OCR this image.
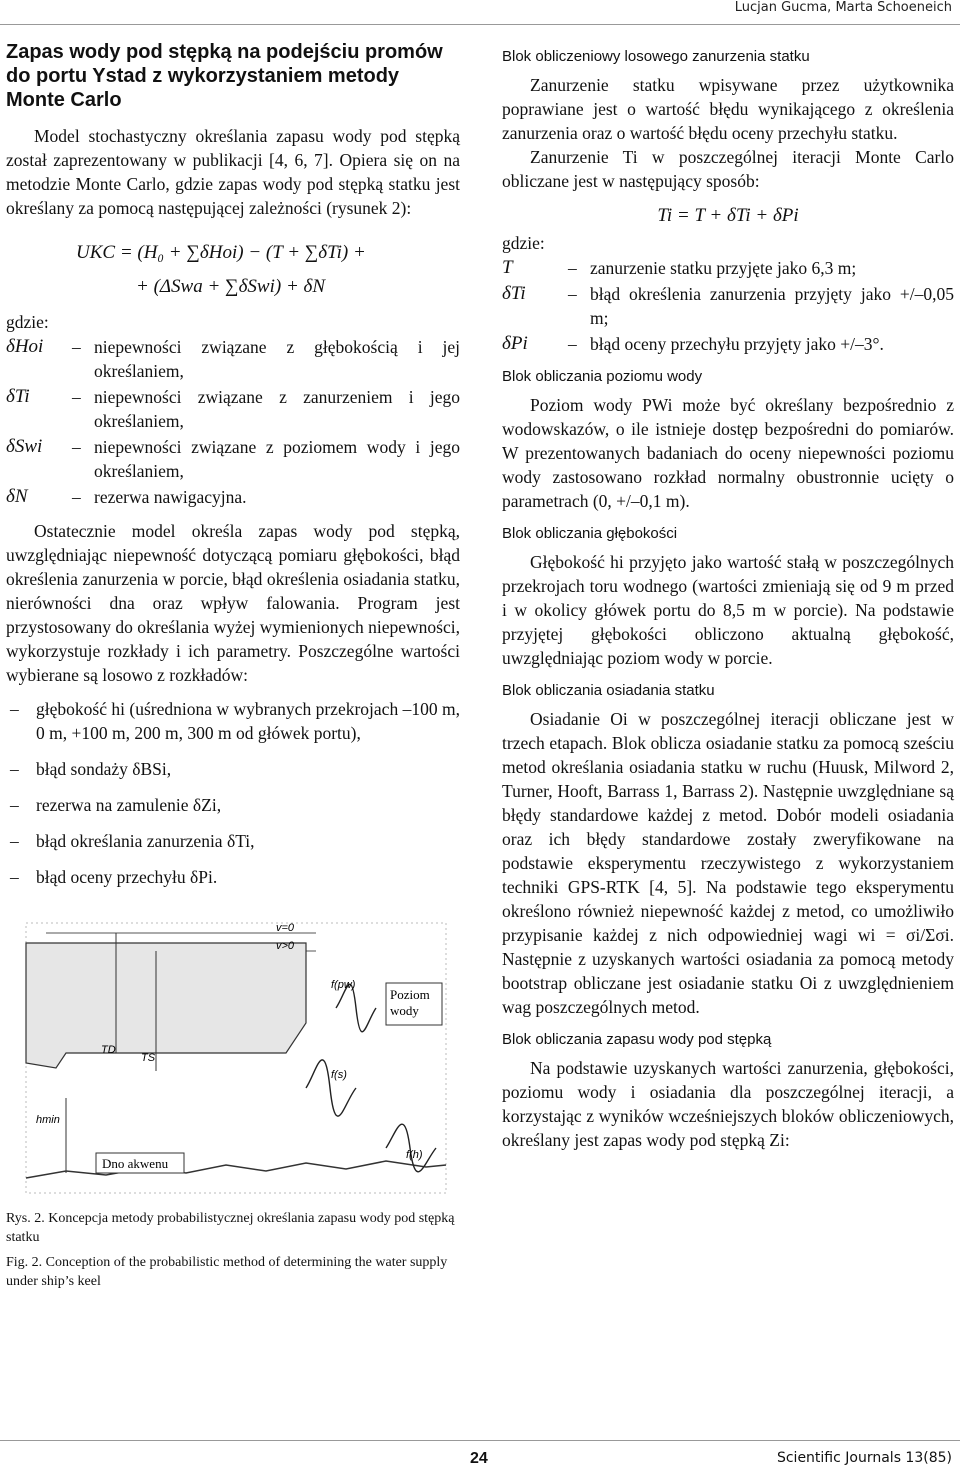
Lucjan Gucma, Marta Schoeneich
Zapas wody pod stępką na podejściu promów do portu Ystad z wykorzystaniem metody Monte Carlo

Model stochastyczny określania zapasu wody pod stępką został zaprezentowany w publikacji [4, 6, 7]. Opiera się on na metodzie Monte Carlo, gdzie zapas wody pod stępką statku jest określany za pomocą następującej zależności (rysunek 2):

UKC = (H₀ + ∑δHoi) − (T + ∑δTi) +
+ (ΔSwa + ∑δSwi) + δN
gdzie:
δHoi	– niepewności związane z głębokością i jej określaniem,
δTi	– niepewności związane z zanurzeniem i jego określaniem,
δSwi	– niepewności związane z poziomem wody i jego określaniem,
δN	– rezerwa nawigacyjna.

Ostatecznie model określa zapas wody pod stępką, uwzględniając niepewność dotyczącą pomiaru głębokości, błąd określenia zanurzenia w porcie, błąd określenia osiadania statku, nierówności dna oraz wpływ falowania. Program jest przystosowany do określania wyżej wymienionych niepewności, wykorzystuje rozkłady i ich parametry. Poszczególne wartości wybierane są losowo z rozkładów:

– głębokość hi (uśredniona w wybranych przekrojach –100 m, 0 m, +100 m, 200 m, 300 m od główek portu),
– błąd sondaży δBSi,
– rezerwa na zamulenie δZi,
– błąd określania zanurzenia δTi,
– błąd oceny przechyłu δPi.
v=0
v>0
f(pw)
f(s)
f(h)
TD
TS
hmin
Dno akwenu
Poziom wody
Rys. 2. Koncepcja metody probabilistycznej określania zapasu wody pod stępką statku
Fig. 2. Conception of the probabilistic method of determining the water supply under ship’s keel
Blok obliczeniowy losowego zanurzenia statku

Zanurzenie statku wpisywane przez użytkownika poprawiane jest o wartość błędu wynikającego z określenia zanurzenia oraz o wartość błędu oceny przechyłu statku.

Zanurzenie Ti w poszczególnej iteracji Monte Carlo obliczane jest w następujący sposób:

Ti = T + δTi + δPi
gdzie:
T	– zanurzenie statku przyjęte jako 6,3 m;
δTi	– błąd określenia zanurzenia przyjęty jako +/–0,05 m;
δPi	– błąd oceny przechyłu przyjęty jako +/–3°.
Blok obliczania poziomu wody

Poziom wody PWi może być określany bezpośrednio z wodowskazów, o ile istnieje dostęp bezpośredni do pomiarów. W prezentowanych badaniach do oceny niepewności poziomu wody zastosowano rozkład normalny obustronnie ucięty o parametrach (0, +/–0,1 m).

Blok obliczania głębokości

Głębokość hi przyjęto jako wartość stałą w poszczególnych przekrojach toru wodnego (wartości zmieniają się od 9 m przed i w okolicy główek portu do 8,5 m w porcie). Na podstawie przyjętej głębokości obliczono aktualną głębokość, uwzględniając poziom wody w porcie.

Blok obliczania osiadania statku

Osiadanie Oi w poszczególnej iteracji obliczane jest w trzech etapach. Blok oblicza osiadanie statku za pomocą sześciu metod określania osiadania statku w ruchu (Huusk, Milword 2, Turner, Hooft, Barrass 1, Barrass 2). Następnie uwzględniane są błędy standardowe każdej z metod. Dobór modeli osiadania oraz ich błędy standardowe zostały zweryfikowane na podstawie eksperymentu rzeczywistego z wykorzystaniem techniki GPS-RTK [4, 5]. Na podstawie tego eksperymentu określono również niepewność każdej z metod, co umożliwiło przypisanie każdej z nich odpowiedniej wagi wi = σi/Σσi. Następnie z uzyskanych wartości osiadania za pomocą metody bootstrap obliczane jest osiadanie statku Oi z uwzględnieniem wag poszczególnych metod.

Blok obliczania zapasu wody pod stępką

Na podstawie uzyskanych wartości zanurzenia, głębokości, poziomu wody i osiadania dla poszczególnej iteracji, a korzystając z wyników wcześniejszych bloków obliczeniowych, określany jest zapas wody pod stępką Zi:

24	Scientific Journals 13(85)
